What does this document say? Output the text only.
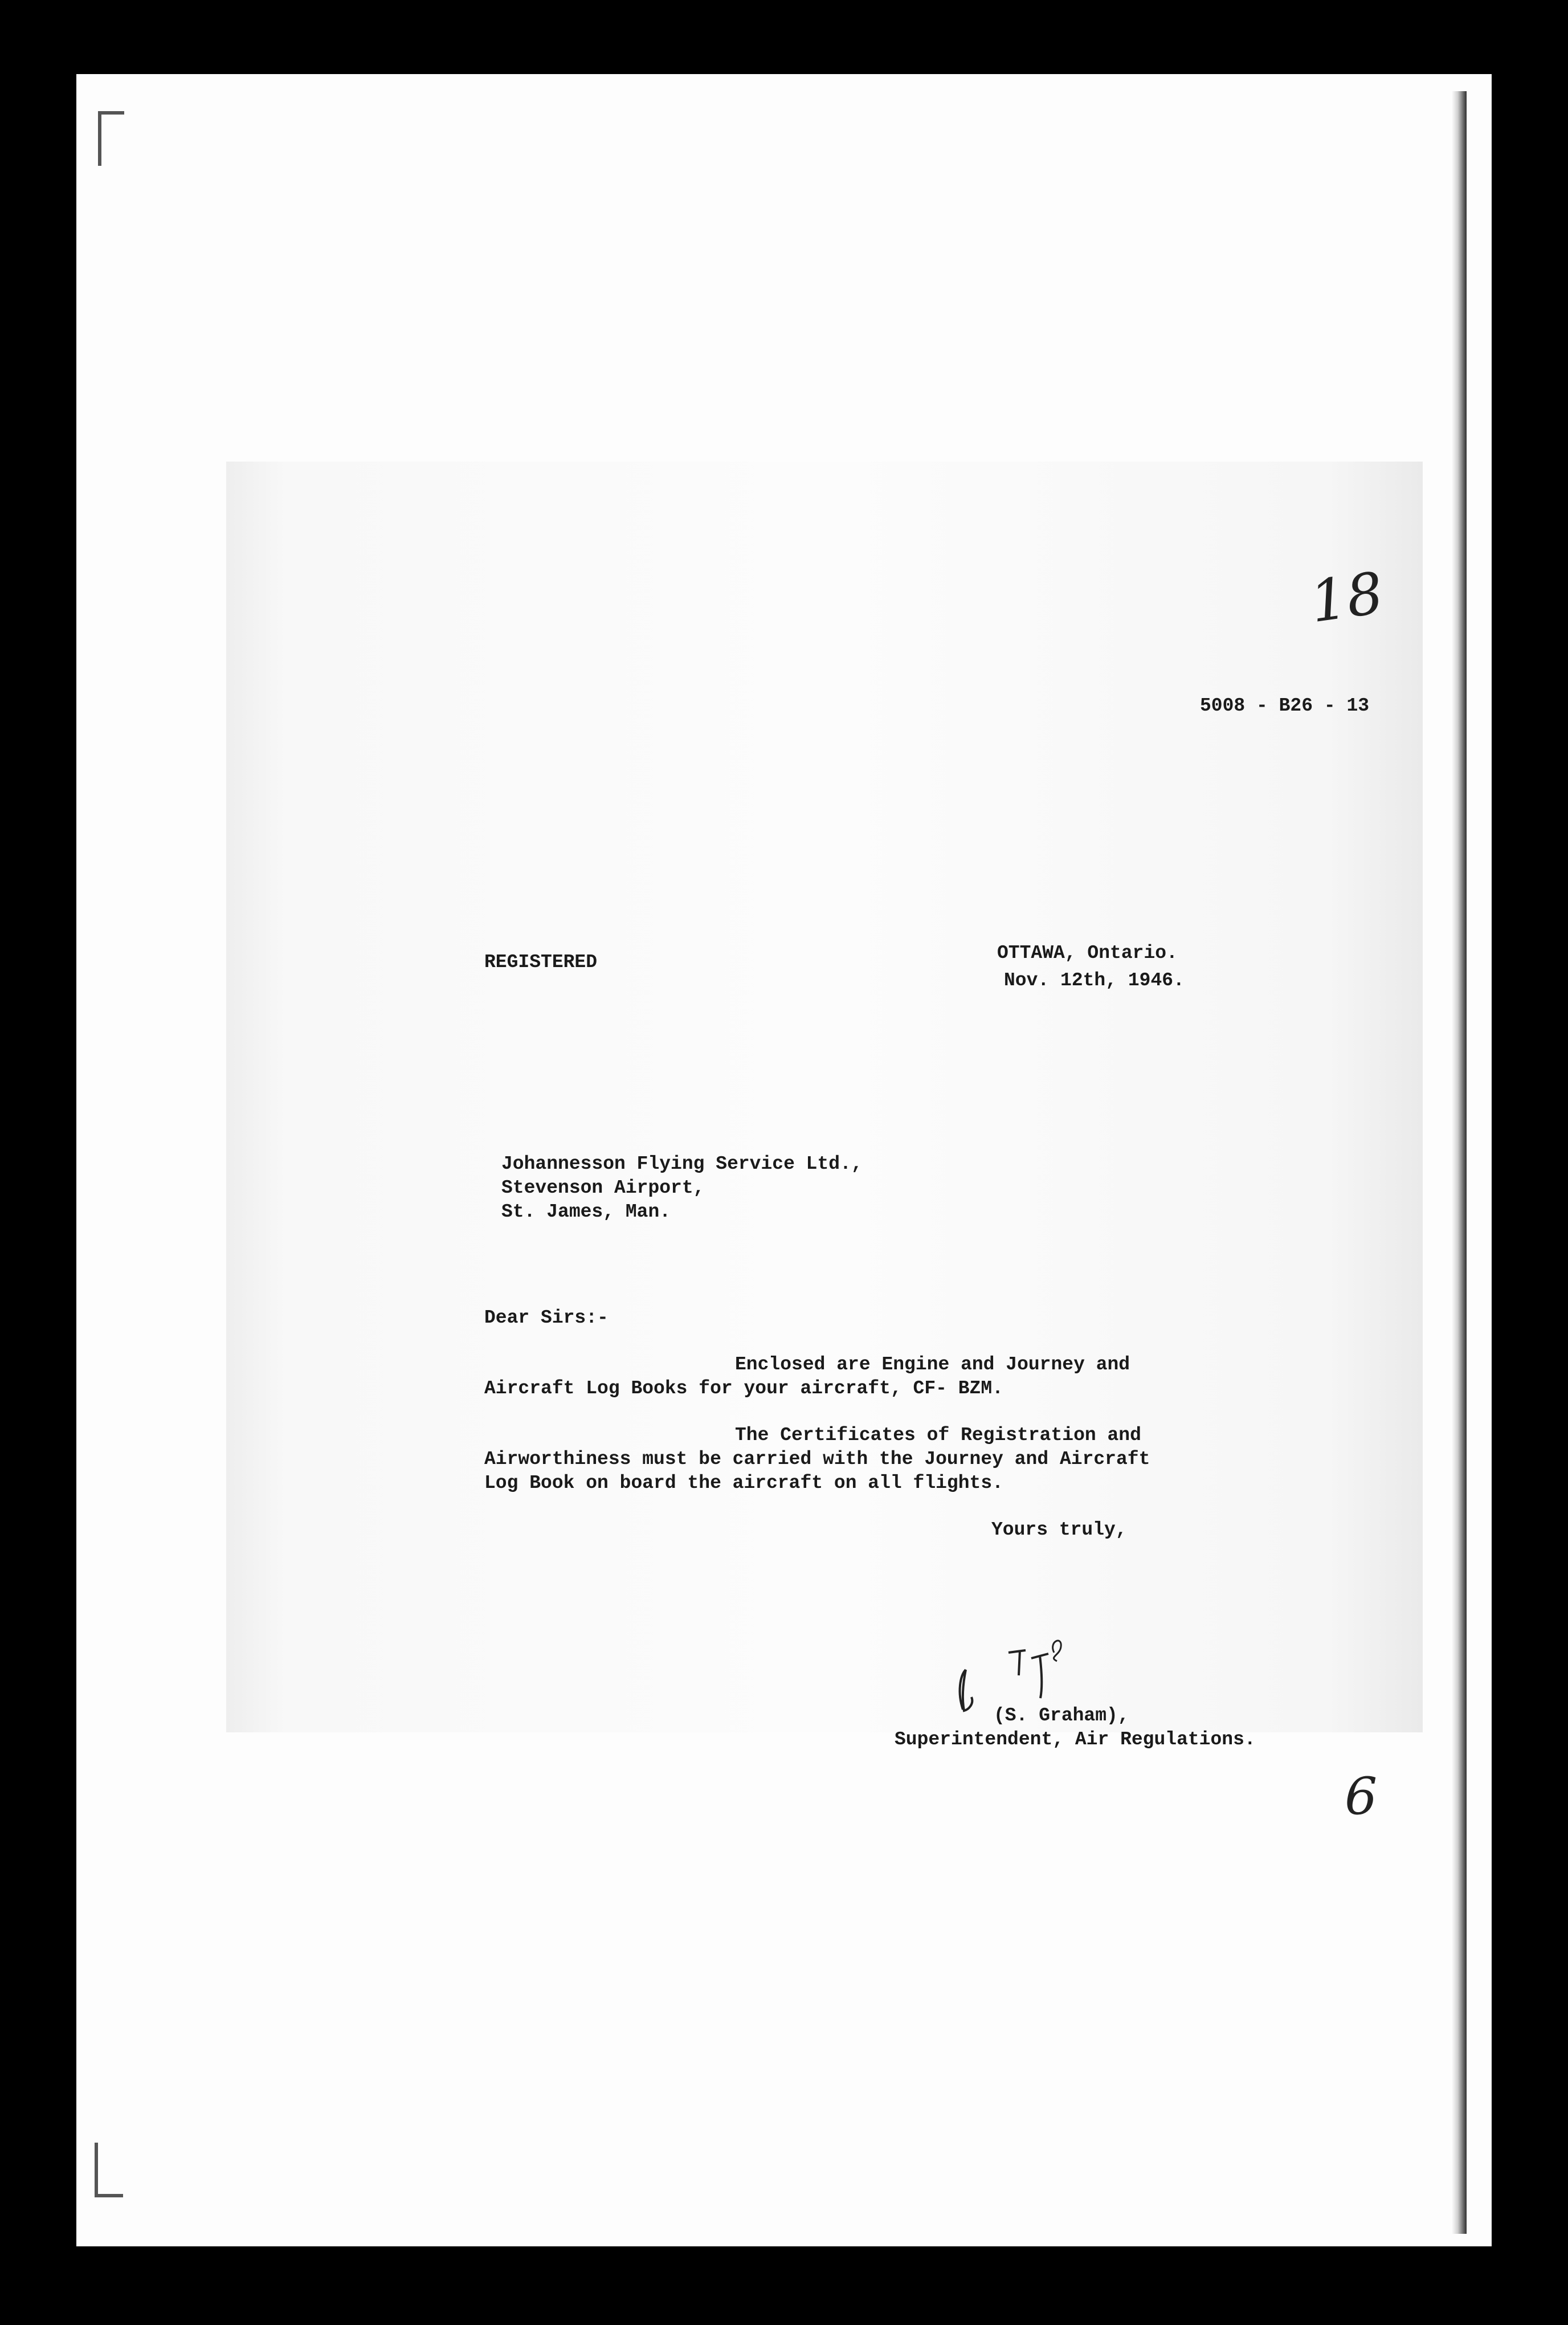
18
5008 - B26 - 13
REGISTERED	OTTAWA, Ontario.
Nov. 12th, 1946.
Johannesson Flying Service Ltd.,
Stevenson Airport,
St. James, Man.
Dear Sirs:-
Enclosed are Engine and Journey and
Aircraft Log Books for your aircraft, CF- BZM.
The Certificates of Registration and
Airworthiness must be carried with the Journey and Aircraft
Log Book on board the aircraft on all flights.
Yours truly,
(S. Graham),
Superintendent, Air Regulations.
6
